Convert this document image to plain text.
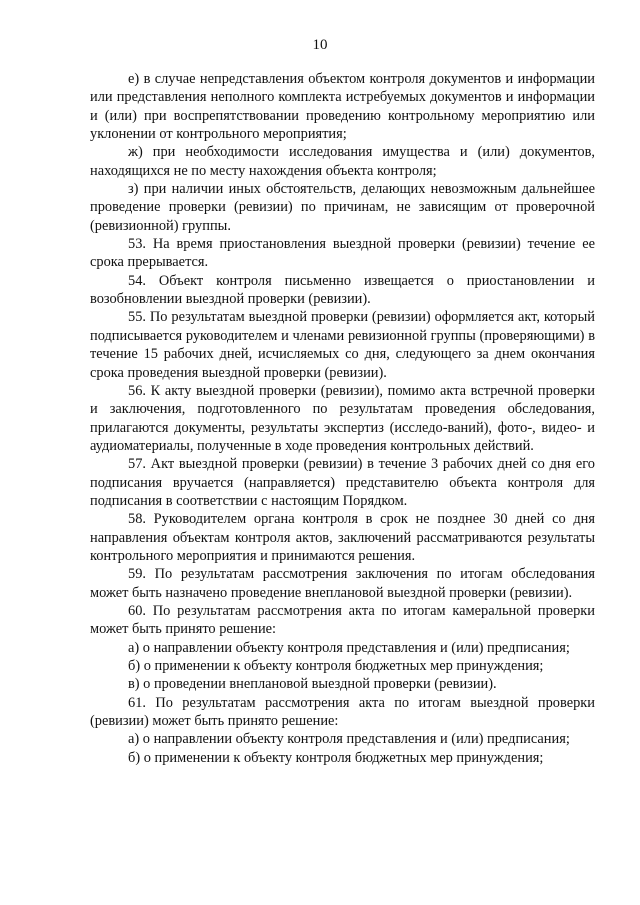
10

е) в случае непредставления объектом контроля документов и информации или представления неполного комплекта истребуемых документов и информации и (или) при воспрепятствовании проведению контрольному мероприятию или уклонении от контрольного мероприятия;

ж) при необходимости исследования имущества и (или) документов, находящихся не по месту нахождения объекта контроля;

з) при наличии иных обстоятельств, делающих невозможным дальнейшее проведение проверки (ревизии) по причинам, не зависящим от проверочной (ревизионной) группы.

53. На время приостановления выездной проверки (ревизии) течение ее срока прерывается.

54. Объект контроля письменно извещается о приостановлении и возобновлении выездной проверки (ревизии).

55. По результатам выездной проверки (ревизии) оформляется акт, который подписывается руководителем и членами ревизионной группы (проверяющими) в течение 15 рабочих дней, исчисляемых со дня, следующего за днем окончания срока проведения выездной проверки (ревизии).

56. К акту выездной проверки (ревизии), помимо акта встречной проверки и заключения, подготовленного по результатам проведения обследования, прилагаются документы, результаты экспертиз (исследо-ваний), фото-, видео- и аудиоматериалы, полученные в ходе проведения контрольных действий.

57. Акт выездной проверки (ревизии) в течение 3 рабочих дней со дня его подписания вручается (направляется) представителю объекта контроля для подписания в соответствии с настоящим Порядком.

58. Руководителем органа контроля в срок не позднее 30 дней со дня направления объектам контроля актов, заключений рассматриваются результаты контрольного мероприятия и принимаются решения.

59. По результатам рассмотрения заключения по итогам обследования может быть назначено проведение внеплановой выездной проверки (ревизии).

60. По результатам рассмотрения акта по итогам камеральной проверки может быть принято решение:

а) о направлении объекту контроля представления и (или) предписания;

б) о применении к объекту контроля бюджетных мер принуждения;

в) о проведении внеплановой выездной проверки (ревизии).

61. По результатам рассмотрения акта по итогам выездной проверки (ревизии) может быть принято решение:

а) о направлении объекту контроля представления и (или) предписания;

б) о применении к объекту контроля бюджетных мер принуждения;
